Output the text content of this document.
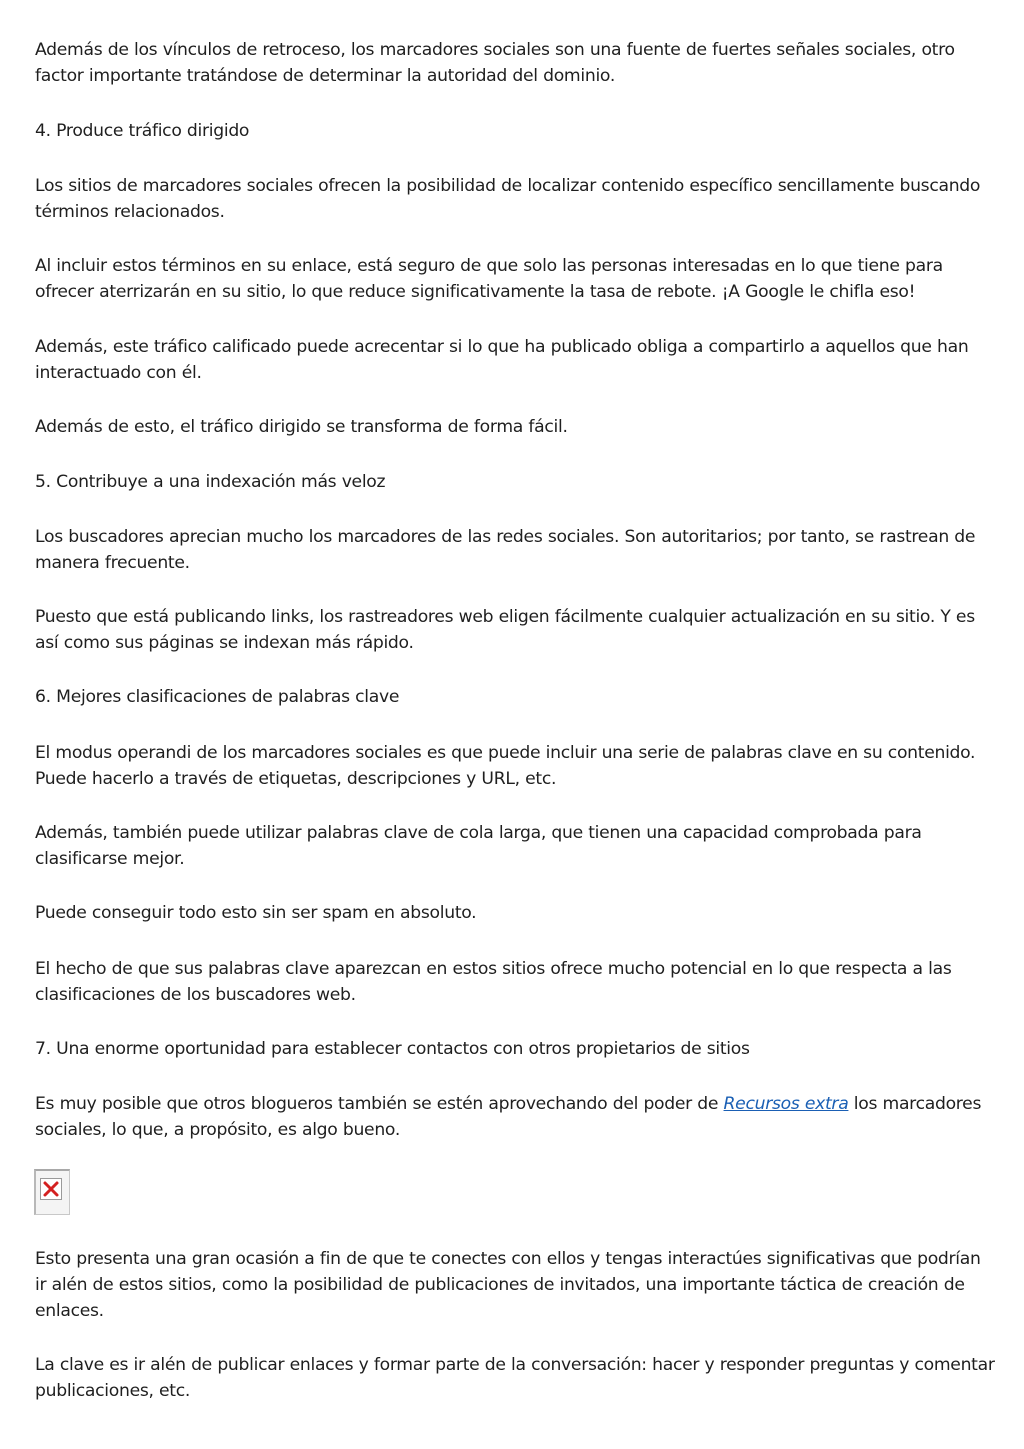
Además de los vínculos de retroceso, los marcadores sociales son una fuente de fuertes señales sociales, otro factor importante tratándose de determinar la autoridad del dominio.

4. Produce tráfico dirigido

Los sitios de marcadores sociales ofrecen la posibilidad de localizar contenido específico sencillamente buscando términos relacionados.

Al incluir estos términos en su enlace, está seguro de que solo las personas interesadas en lo que tiene para ofrecer aterrizarán en su sitio, lo que reduce significativamente la tasa de rebote. ¡A Google le chifla eso!

Además, este tráfico calificado puede acrecentar si lo que ha publicado obliga a compartirlo a aquellos que han interactuado con él.

Además de esto, el tráfico dirigido se transforma de forma fácil.

5. Contribuye a una indexación más veloz

Los buscadores aprecian mucho los marcadores de las redes sociales. Son autoritarios; por tanto, se rastrean de manera frecuente.

Puesto que está publicando links, los rastreadores web eligen fácilmente cualquier actualización en su sitio. Y es así como sus páginas se indexan más rápido.

6. Mejores clasificaciones de palabras clave

El modus operandi de los marcadores sociales es que puede incluir una serie de palabras clave en su contenido. Puede hacerlo a través de etiquetas, descripciones y URL, etc.

Además, también puede utilizar palabras clave de cola larga, que tienen una capacidad comprobada para clasificarse mejor.

Puede conseguir todo esto sin ser spam en absoluto.

El hecho de que sus palabras clave aparezcan en estos sitios ofrece mucho potencial en lo que respecta a las clasificaciones de los buscadores web.

7. Una enorme oportunidad para establecer contactos con otros propietarios de sitios

Es muy posible que otros blogueros también se estén aprovechando del poder de Recursos extra los marcadores sociales, lo que, a propósito, es algo bueno.

Esto presenta una gran ocasión a fin de que te conectes con ellos y tengas interactúes significativas que podrían ir alén de estos sitios, como la posibilidad de publicaciones de invitados, una importante táctica de creación de enlaces.

La clave es ir alén de publicar enlaces y formar parte de la conversación: hacer y responder preguntas y comentar publicaciones, etc.
